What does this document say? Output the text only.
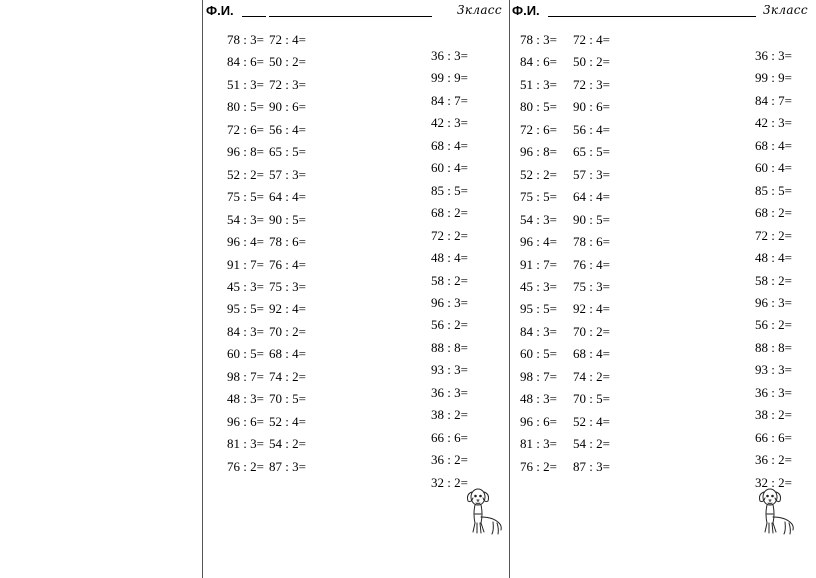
Ф.И.	3класс
78 : 3=
84 : 6=
51 : 3=
80 : 5=
72 : 6=
96 : 8=
52 : 2=
75 : 5=
54 : 3=
96 : 4=
91 : 7=
45 : 3=
95 : 5=
84 : 3=
60 : 5=
98 : 7=
48 : 3=
96 : 6=
81 : 3=
76 : 2=
72 : 4=
50 : 2=
72 : 3=
90 : 6=
56 : 4=
65 : 5=
57 : 3=
64 : 4=
90 : 5=
78 : 6=
76 : 4=
75 : 3=
92 : 4=
70 : 2=
68 : 4=
74 : 2=
70 : 5=
52 : 4=
54 : 2=
87 : 3=
36 : 3=
99 : 9=
84 : 7=
42 : 3=
68 : 4=
60 : 4=
85 : 5=
68 : 2=
72 : 2=
48 : 4=
58 : 2=
96 : 3=
56 : 2=
88 : 8=
93 : 3=
36 : 3=
38 : 2=
66 : 6=
36 : 2=
32 : 2=
Ф.И.	3класс
78 : 3=
84 : 6=
51 : 3=
80 : 5=
72 : 6=
96 : 8=
52 : 2=
75 : 5=
54 : 3=
96 : 4=
91 : 7=
45 : 3=
95 : 5=
84 : 3=
60 : 5=
98 : 7=
48 : 3=
96 : 6=
81 : 3=
76 : 2=
72 : 4=
50 : 2=
72 : 3=
90 : 6=
56 : 4=
65 : 5=
57 : 3=
64 : 4=
90 : 5=
78 : 6=
76 : 4=
75 : 3=
92 : 4=
70 : 2=
68 : 4=
74 : 2=
70 : 5=
52 : 4=
54 : 2=
87 : 3=
36 : 3=
99 : 9=
84 : 7=
42 : 3=
68 : 4=
60 : 4=
85 : 5=
68 : 2=
72 : 2=
48 : 4=
58 : 2=
96 : 3=
56 : 2=
88 : 8=
93 : 3=
36 : 3=
38 : 2=
66 : 6=
36 : 2=
32 : 2=
